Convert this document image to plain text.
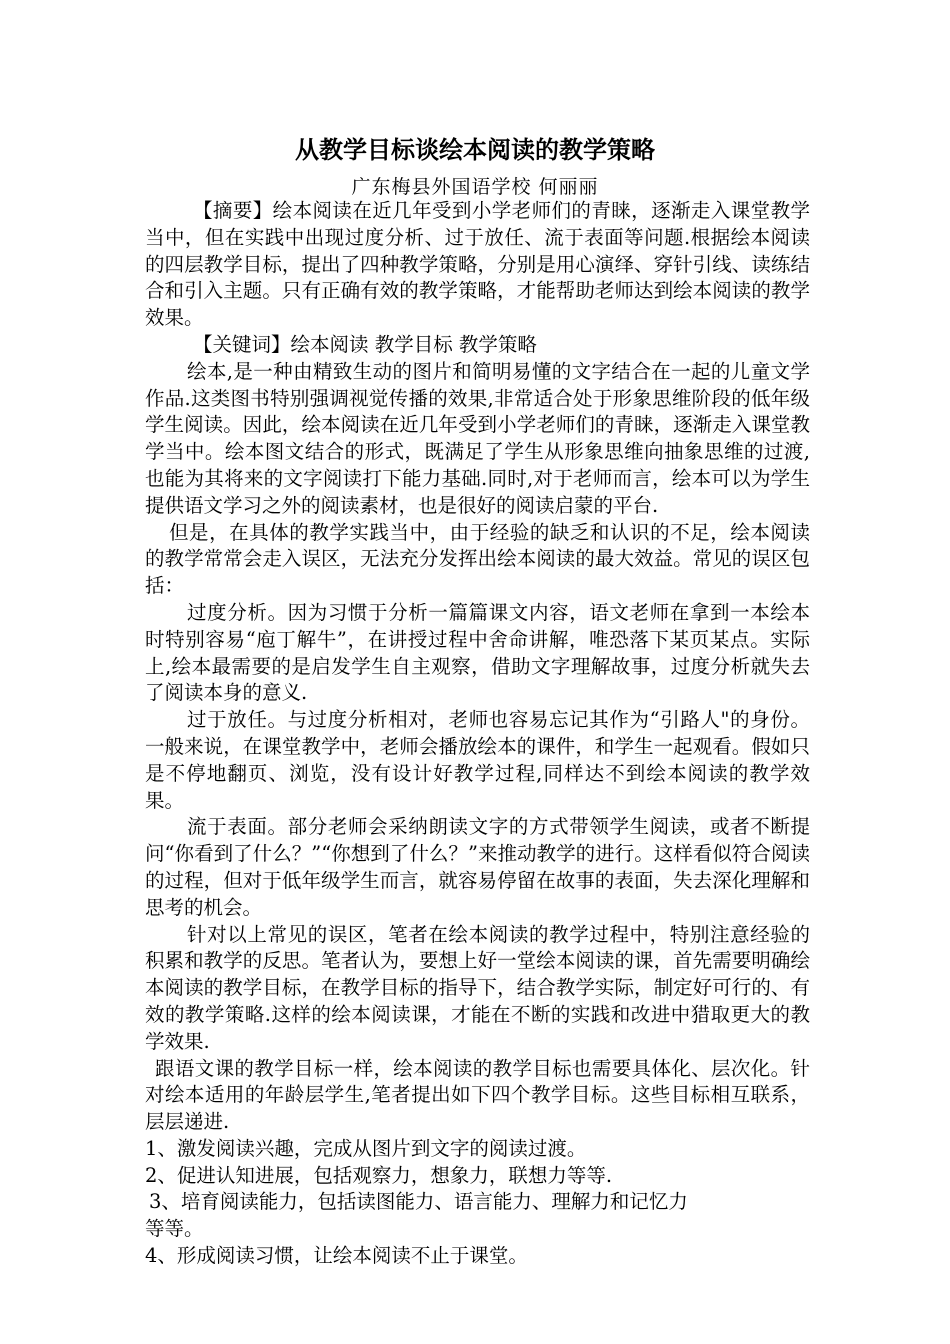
从教学目标谈绘本阅读的教学策略
广东梅县外国语学校 何丽丽

【摘要】绘本阅读在近几年受到小学老师们的青睐，逐渐走入课堂教学当中，但在实践中出现过度分析、过于放任、流于表面等问题.根据绘本阅读的四层教学目标，提出了四种教学策略，分别是用心演绎、穿针引线、读练结合和引入主题。只有正确有效的教学策略，才能帮助老师达到绘本阅读的教学效果。

【关键词】绘本阅读 教学目标 教学策略

绘本,是一种由精致生动的图片和简明易懂的文字结合在一起的儿童文学作品.这类图书特别强调视觉传播的效果,非常适合处于形象思维阶段的低年级学生阅读。因此，绘本阅读在近几年受到小学老师们的青睐，逐渐走入课堂教学当中。绘本图文结合的形式，既满足了学生从形象思维向抽象思维的过渡,也能为其将来的文字阅读打下能力基础.同时,对于老师而言，绘本可以为学生提供语文学习之外的阅读素材，也是很好的阅读启蒙的平台.

但是，在具体的教学实践当中，由于经验的缺乏和认识的不足，绘本阅读的教学常常会走入误区，无法充分发挥出绘本阅读的最大效益。常见的误区包括：

过度分析。因为习惯于分析一篇篇课文内容，语文老师在拿到一本绘本时特别容易“庖丁解牛”，在讲授过程中舍命讲解，唯恐落下某页某点。实际上,绘本最需要的是启发学生自主观察，借助文字理解故事，过度分析就失去了阅读本身的意义.

过于放任。与过度分析相对，老师也容易忘记其作为“引路人"的身份。一般来说，在课堂教学中，老师会播放绘本的课件，和学生一起观看。假如只是不停地翻页、浏览，没有设计好教学过程,同样达不到绘本阅读的教学效果。

流于表面。部分老师会采纳朗读文字的方式带领学生阅读，或者不断提问“你看到了什么？”“你想到了什么？”来推动教学的进行。这样看似符合阅读的过程，但对于低年级学生而言，就容易停留在故事的表面，失去深化理解和思考的机会。

针对以上常见的误区，笔者在绘本阅读的教学过程中，特别注意经验的积累和教学的反思。笔者认为，要想上好一堂绘本阅读的课，首先需要明确绘本阅读的教学目标，在教学目标的指导下，结合教学实际，制定好可行的、有效的教学策略.这样的绘本阅读课，才能在不断的实践和改进中猎取更大的教学效果.

跟语文课的教学目标一样，绘本阅读的教学目标也需要具体化、层次化。针对绘本适用的年龄层学生,笔者提出如下四个教学目标。这些目标相互联系，层层递进.

1、激发阅读兴趣，完成从图片到文字的阅读过渡。

2、促进认知进展，包括观察力，想象力，联想力等等.

3、培育阅读能力，包括读图能力、语言能力、理解力和记忆力

等等。

4、形成阅读习惯，让绘本阅读不止于课堂。
